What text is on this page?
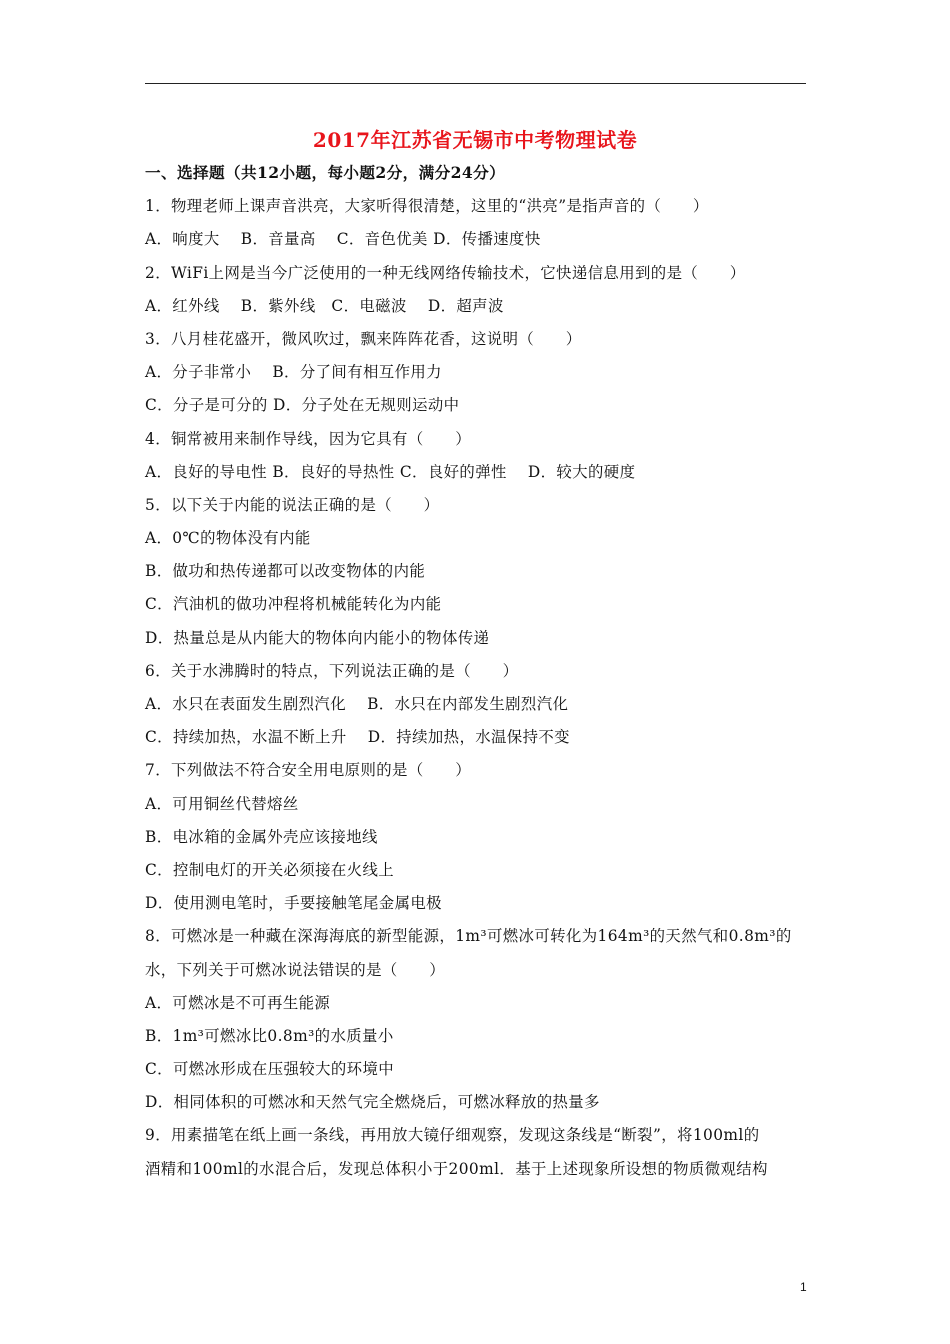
2017年江苏省无锡市中考物理试卷
一、选择题（共12小题，每小题2分，满分24分）
1．物理老师上课声音洪亮，大家听得很清楚，这里的“洪亮”是指声音的（　　）
A．响度大　 B．音量高　 C．音色优美 D．传播速度快
2．WiFi上网是当今广泛使用的一种无线网络传输技术，它快递信息用到的是（　　）
A．红外线　 B．紫外线　C．电磁波　 D．超声波
3．八月桂花盛开，微风吹过，飘来阵阵花香，这说明（　　）
A．分子非常小　 B．分了间有相互作用力
C．分子是可分的 D．分子处在无规则运动中
4．铜常被用来制作导线，因为它具有（　　）
A．良好的导电性 B．良好的导热性 C．良好的弹性　 D．较大的硬度
5．以下关于内能的说法正确的是（　　）
A．0℃的物体没有内能
B．做功和热传递都可以改变物体的内能
C．汽油机的做功冲程将机械能转化为内能
D．热量总是从内能大的物体向内能小的物体传递
6．关于水沸腾时的特点，下列说法正确的是（　　）
A．水只在表面发生剧烈汽化　 B．水只在内部发生剧烈汽化
C．持续加热，水温不断上升　 D．持续加热，水温保持不变
7．下列做法不符合安全用电原则的是（　　）
A．可用铜丝代替熔丝
B．电冰箱的金属外壳应该接地线
C．控制电灯的开关必须接在火线上
D．使用测电笔时，手要接触笔尾金属电极
8．可燃冰是一种藏在深海海底的新型能源，1m³可燃冰可转化为164m³的天然气和0.8m³的
水，下列关于可燃冰说法错误的是（　　）
A．可燃冰是不可再生能源
B．1m³可燃冰比0.8m³的水质量小
C．可燃冰形成在压强较大的环境中
D．相同体积的可燃冰和天然气完全燃烧后，可燃冰释放的热量多
9．用素描笔在纸上画一条线，再用放大镜仔细观察，发现这条线是“断裂”，将100ml的
酒精和100ml的水混合后，发现总体积小于200ml．基于上述现象所设想的物质微观结构
1
